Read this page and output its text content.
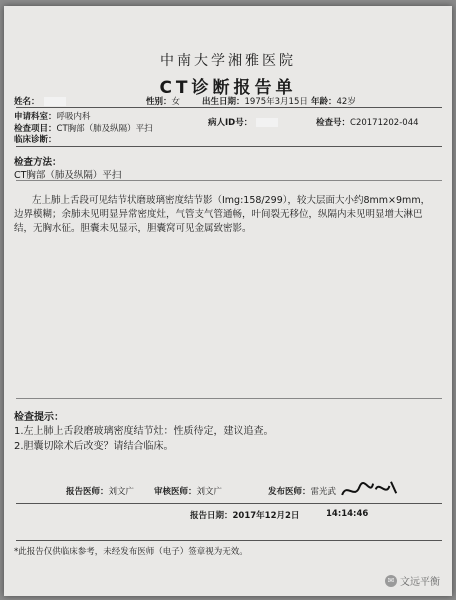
中南大学湘雅医院
CT诊断报告单
姓名：	性别：女	出生日期：1975年3月15日 年龄：42岁
申请科室：呼吸内科
检查项目：CT胸部（肺及纵隔）平扫
病人ID号：	检查号：C20171202-044
临床诊断：
检查方法：
CT胸部（肺及纵隔）平扫
左上肺上舌段可见结节状磨玻璃密度结节影（Img:158/299），较大层面大小约8mm×9mm，边界模糊；余肺未见明显异常密度灶，气管支气管通畅，叶间裂无移位，纵隔内未见明显增大淋巴结，无胸水征。胆囊未见显示，胆囊窝可见金属致密影。
检查提示：
1.左上肺上舌段磨玻璃密度结节灶：性质待定，建议追查。
2.胆囊切除术后改变？请结合临床。
报告医师：刘文广 审核医师：刘文广	发布医师：雷光武
报告日期：2017年12月2日	14:14:46
*此报告仅供临床参考，未经发布医师（电子）签章视为无效。
✉ 文远平衡
